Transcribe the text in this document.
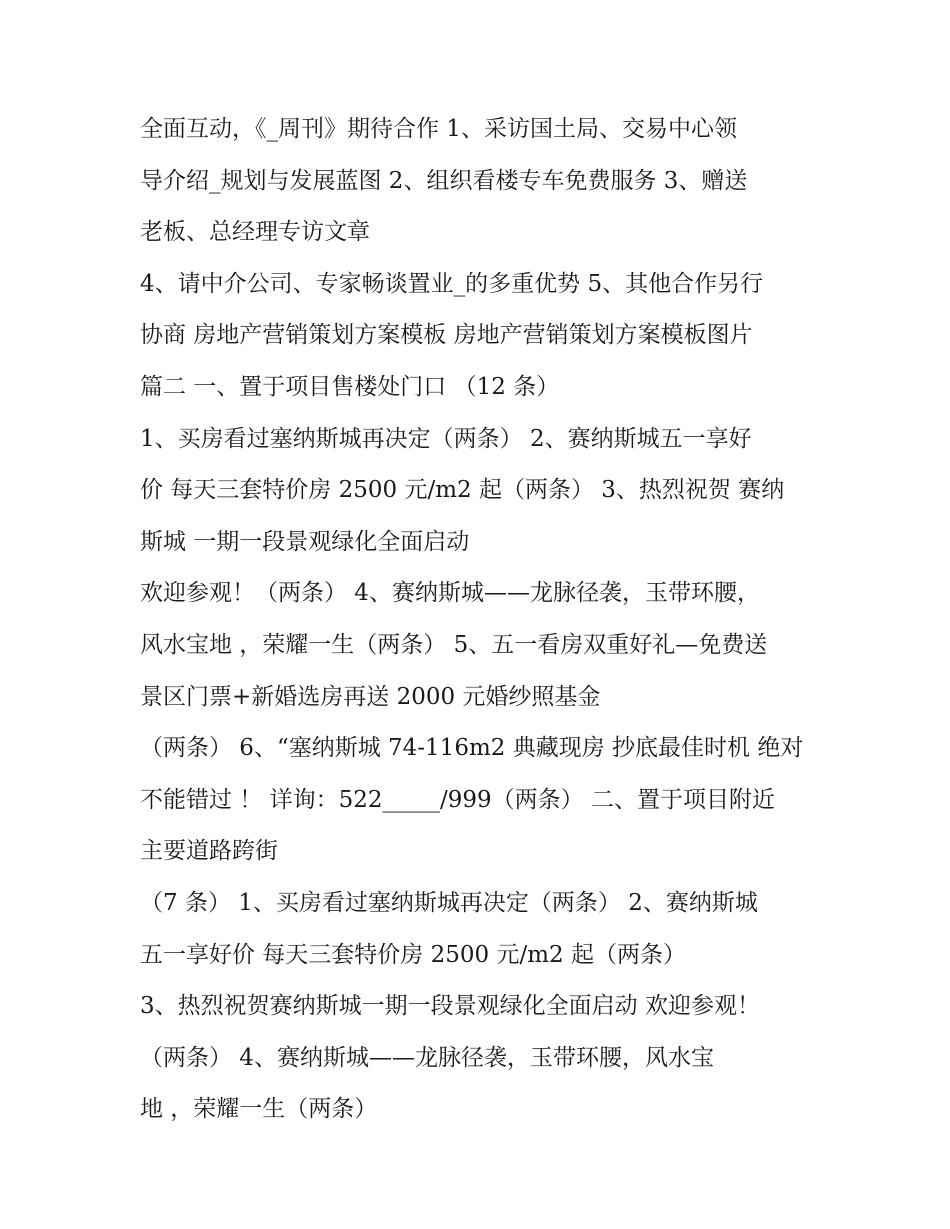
全面互动，《_周刊》期待合作 1、采访国土局、交易中心领
导介绍_规划与发展蓝图 2、组织看楼专车免费服务 3、赠送
老板、总经理专访文章
4、请中介公司、专家畅谈置业_的多重优势 5、其他合作另行
协商 房地产营销策划方案模板 房地产营销策划方案模板图片
篇二 一、置于项目售楼处门口 （12 条）
1、买房看过塞纳斯城再决定（两条） 2、赛纳斯城五一享好
价 每天三套特价房 2500 元/m2 起（两条） 3、热烈祝贺 赛纳
斯城 一期一段景观绿化全面启动
欢迎参观！（两条） 4、赛纳斯城——龙脉径袭，玉带环腰，
风水宝地 ，荣耀一生（两条） 5、五一看房双重好礼—免费送
景区门票+新婚选房再送 2000 元婚纱照基金
（两条） 6、“塞纳斯城 74-116m2 典藏现房 抄底最佳时机 绝对
不能错过 ！ 详询：522_____/999（两条） 二、置于项目附近
主要道路跨街
（7 条） 1、买房看过塞纳斯城再决定（两条） 2、赛纳斯城
五一享好价 每天三套特价房 2500 元/m2 起（两条）
3、热烈祝贺赛纳斯城一期一段景观绿化全面启动 欢迎参观！
（两条） 4、赛纳斯城——龙脉径袭，玉带环腰，风水宝
地 ，荣耀一生（两条）
